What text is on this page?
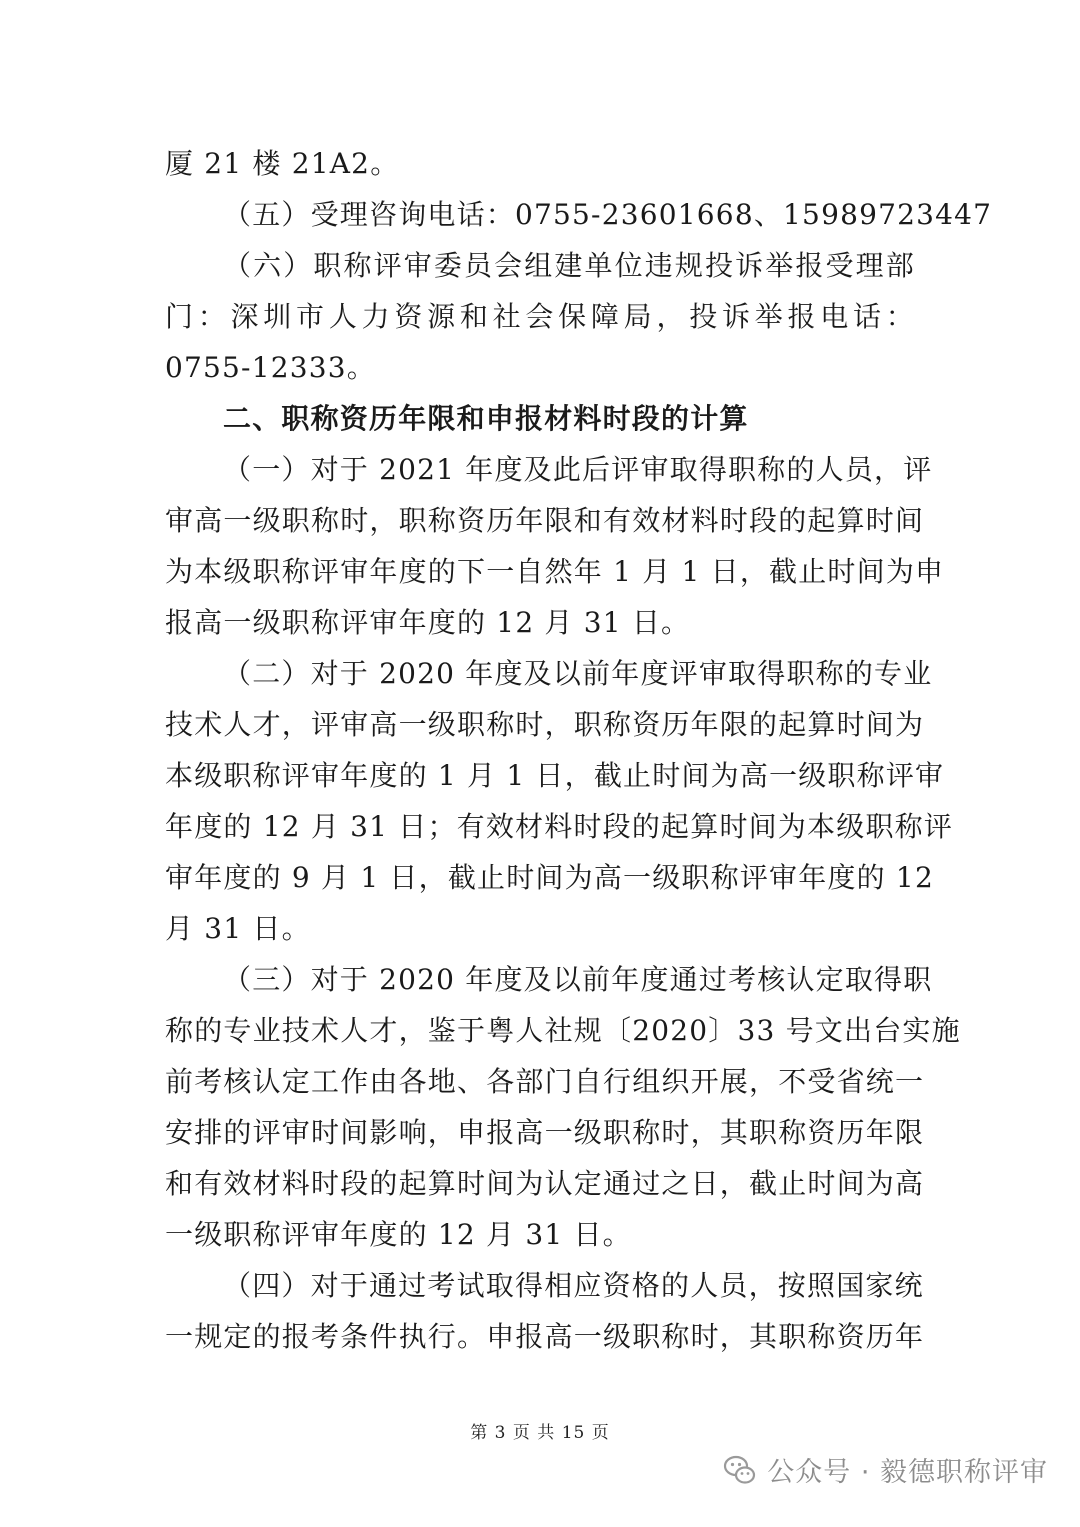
厦 21 楼 21A2。
（五）受理咨询电话：0755-23601668、15989723447
（六）职称评审委员会组建单位违规投诉举报受理部
门：深圳市人力资源和社会保障局，投诉举报电话：
0755-12333。
二、职称资历年限和申报材料时段的计算
（一）对于 2021 年度及此后评审取得职称的人员，评
审高一级职称时，职称资历年限和有效材料时段的起算时间
为本级职称评审年度的下一自然年 1 月 1 日，截止时间为申
报高一级职称评审年度的 12 月 31 日。
（二）对于 2020 年度及以前年度评审取得职称的专业
技术人才，评审高一级职称时，职称资历年限的起算时间为
本级职称评审年度的 1 月 1 日，截止时间为高一级职称评审
年度的 12 月 31 日；有效材料时段的起算时间为本级职称评
审年度的 9 月 1 日，截止时间为高一级职称评审年度的 12
月 31 日。
（三）对于 2020 年度及以前年度通过考核认定取得职
称的专业技术人才，鉴于粤人社规〔2020〕33 号文出台实施
前考核认定工作由各地、各部门自行组织开展，不受省统一
安排的评审时间影响，申报高一级职称时，其职称资历年限
和有效材料时段的起算时间为认定通过之日，截止时间为高
一级职称评审年度的 12 月 31 日。
（四）对于通过考试取得相应资格的人员，按照国家统
一规定的报考条件执行。申报高一级职称时，其职称资历年
第 3 页 共 15 页
公众号 · 毅德职称评审
